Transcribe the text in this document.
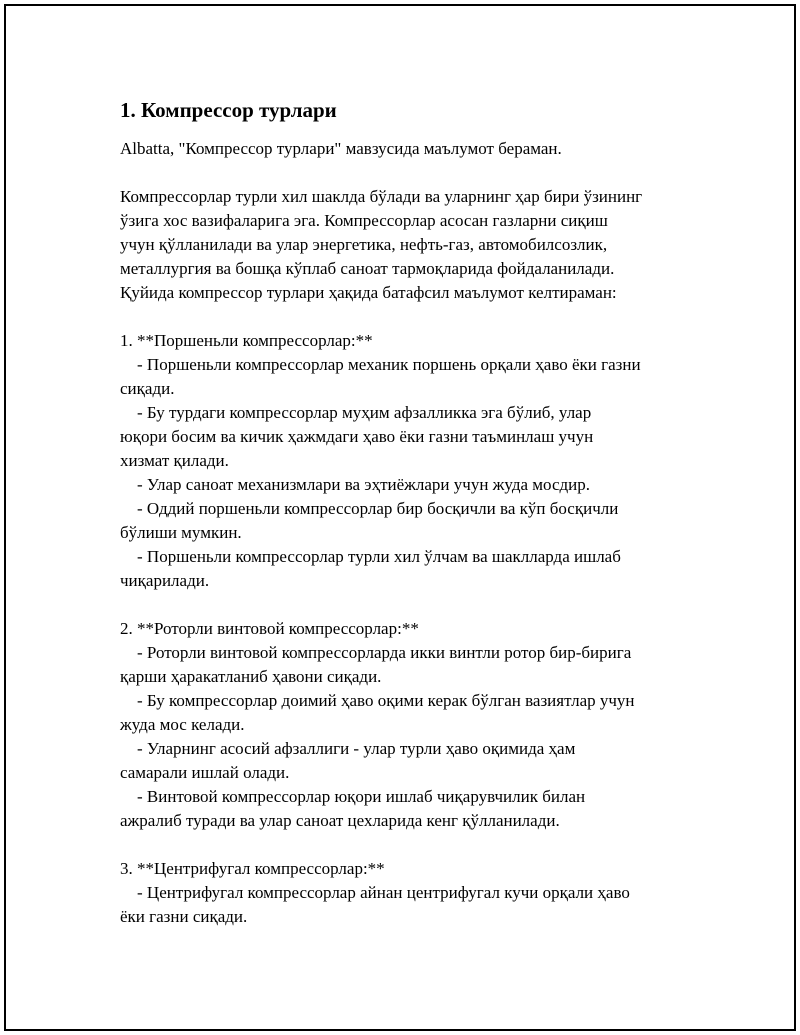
1. Компрессор турлари

Albatta, "Компрессор турлари" мавзусида маълумот бераман.

Компрессорлар турли хил шаклда бўлади ва уларнинг ҳар бири ўзининг
ўзига хос вазифаларига эга. Компрессорлар асосан газларни сиқиш
учун қўлланилади ва улар энергетика, нефть-газ, автомобилсозлик,
металлургия ва бошқа кўплаб саноат тармоқларида фойдаланилади.
Қуйида компрессор турлари ҳақида батафсил маълумот келтираман:

1. **Поршеньли компрессорлар:**

- Поршеньли компрессорлар механик поршень орқали ҳаво ёки газни
сиқади.

- Бу турдаги компрессорлар муҳим афзалликка эга бўлиб, улар
юқори босим ва кичик ҳажмдаги ҳаво ёки газни таъминлаш учун
хизмат қилади.

- Улар саноат механизмлари ва эҳтиёжлари учун жуда мосдир.

- Оддий поршеньли компрессорлар бир босқичли ва кўп босқичли
бўлиши мумкин.

- Поршеньли компрессорлар турли хил ўлчам ва шаклларда ишлаб
чиқарилади.

2. **Роторли винтовой компрессорлар:**

- Роторли винтовой компрессорларда икки винтли ротор бир-бирига
қарши ҳаракатланиб ҳавони сиқади.

- Бу компрессорлар доимий ҳаво оқими керак бўлган вазиятлар учун
жуда мос келади.

- Уларнинг асосий афзаллиги - улар турли ҳаво оқимида ҳам
самарали ишлай олади.

- Винтовой компрессорлар юқори ишлаб чиқарувчилик билан
ажралиб туради ва улар саноат цехларида кенг қўлланилади.

3. **Центрифугал компрессорлар:**

- Центрифугал компрессорлар айнан центрифугал кучи орқали ҳаво
ёки газни сиқади.
